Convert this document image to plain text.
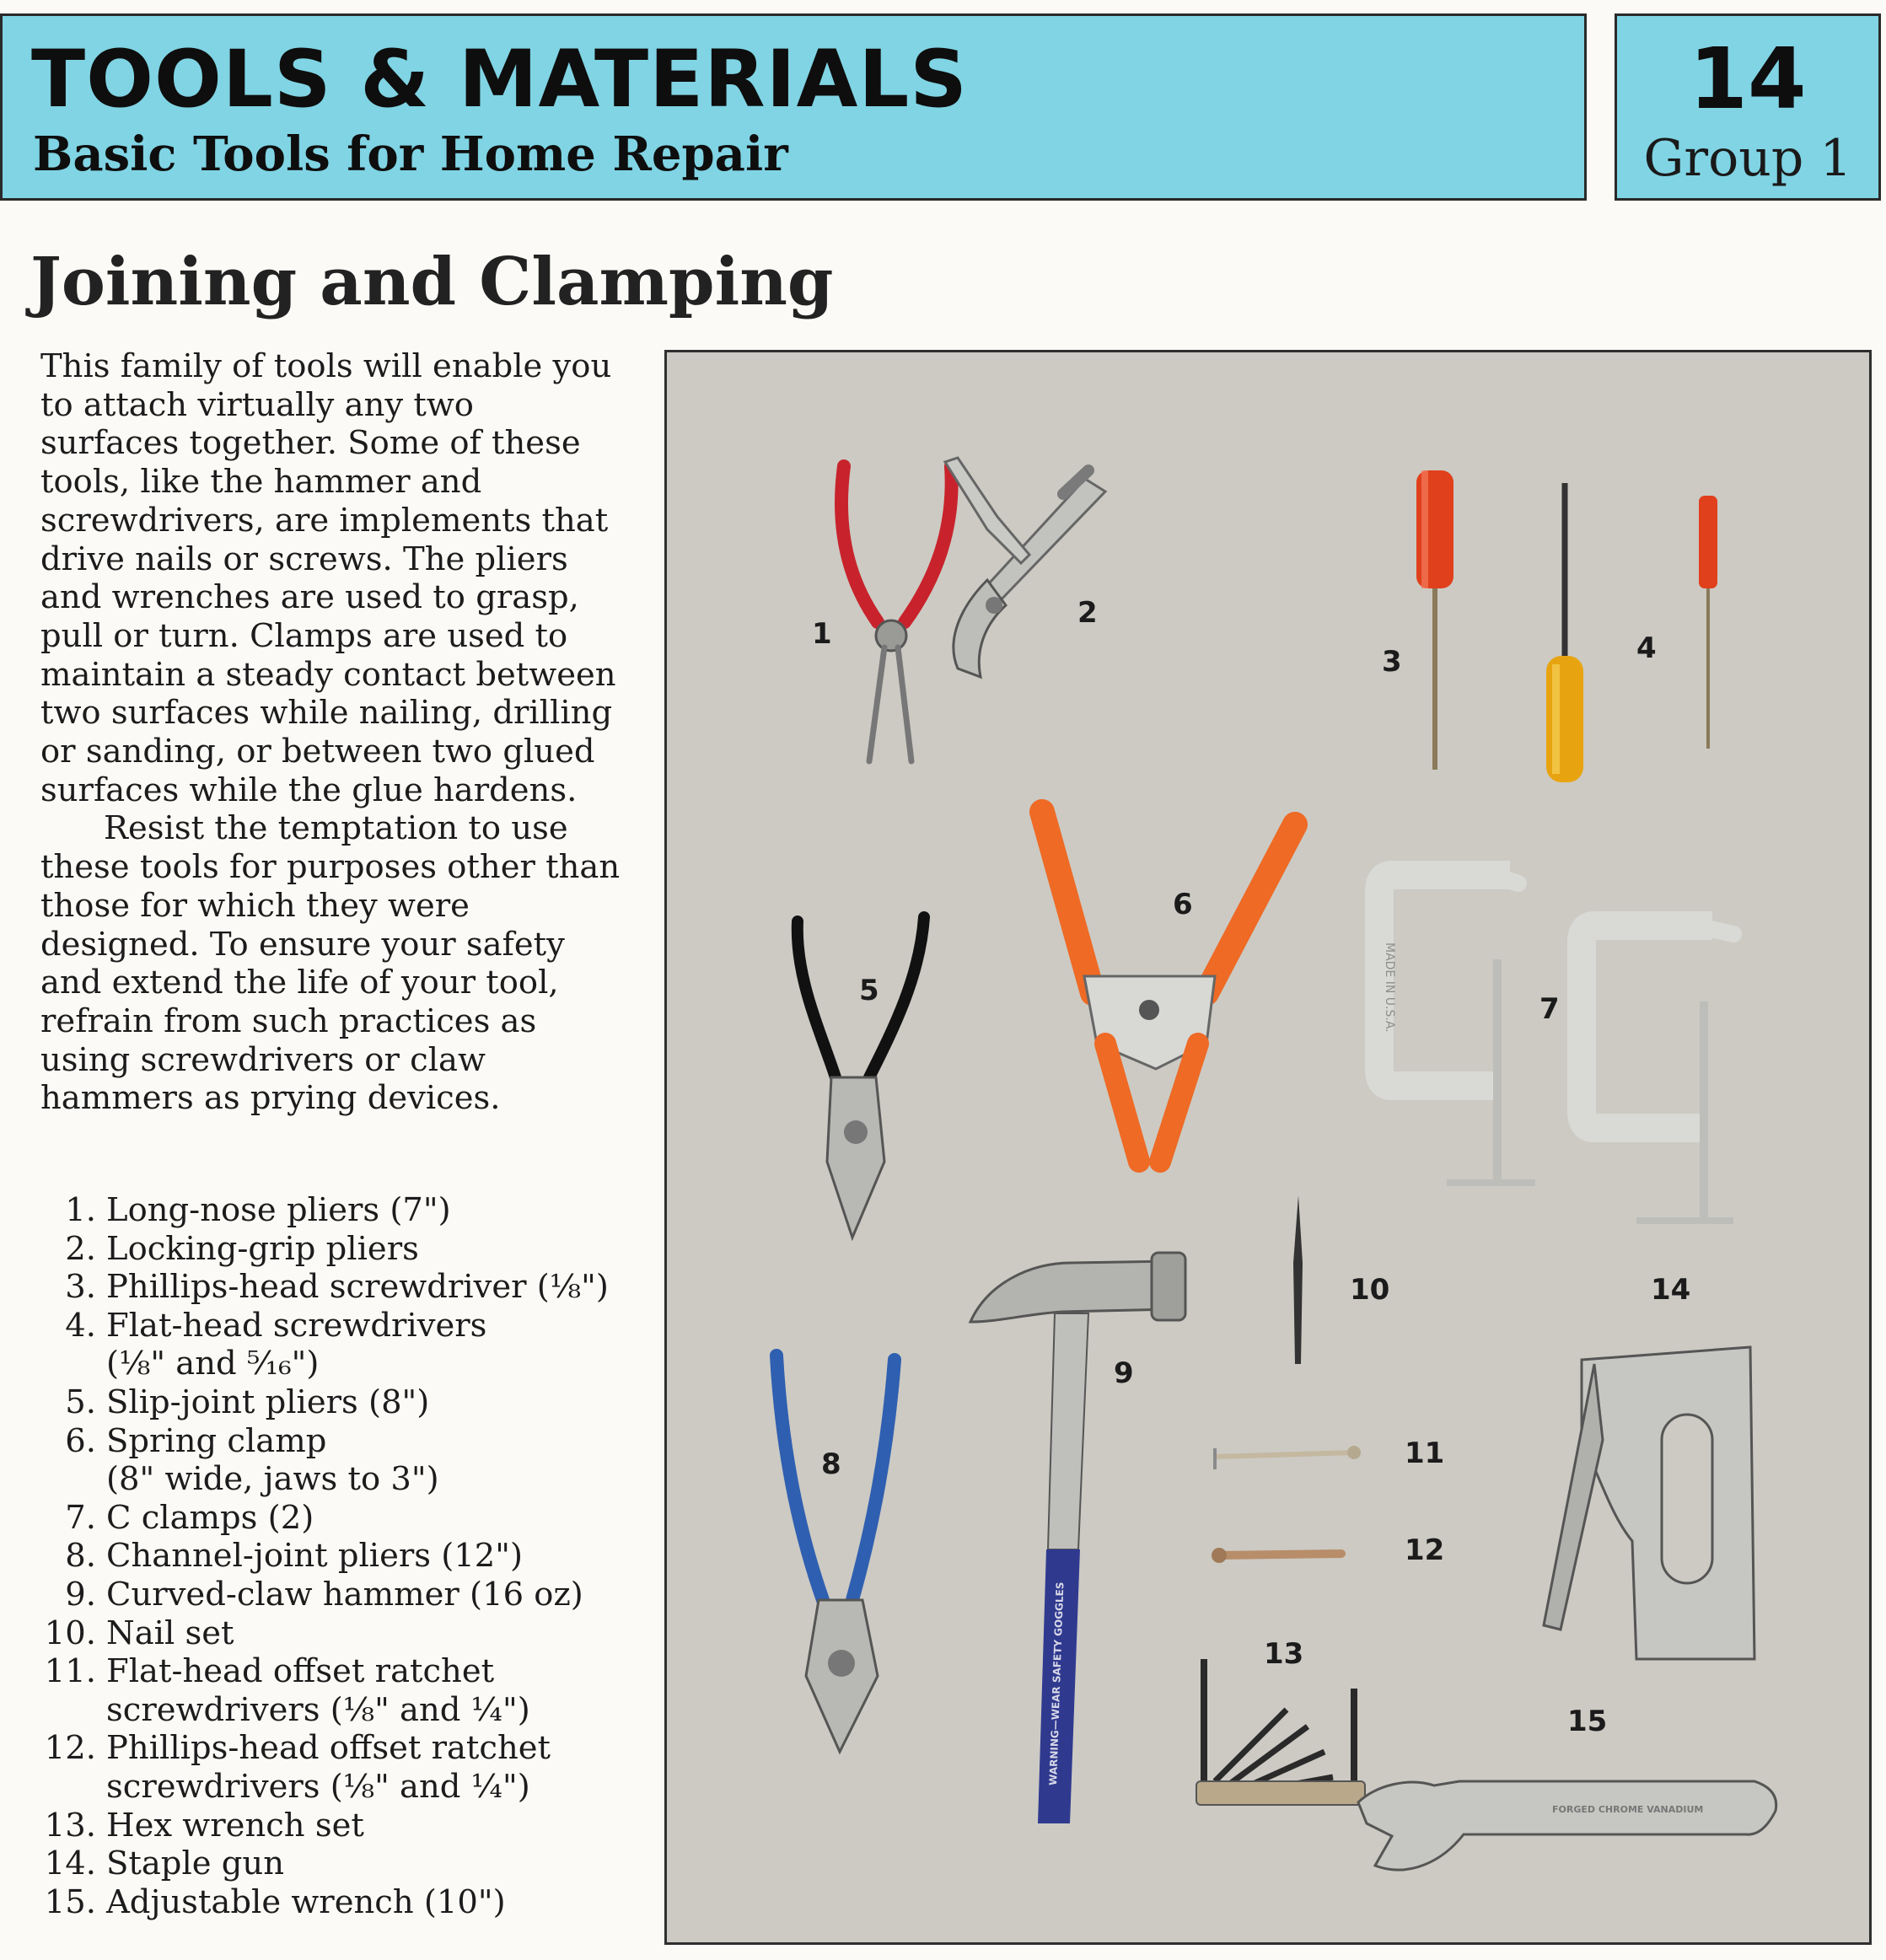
TOOLS & MATERIALS
Basic Tools for Home Repair
14
Group 1
Joining and Clamping

This family of tools will enable you to attach virtually any two surfaces together. Some of these tools, like the hammer and screwdrivers, are implements that drive nails or screws. The pliers and wrenches are used to grasp, pull or turn. Clamps are used to maintain a steady contact between two surfaces while nailing, drilling or sanding, or between two glued surfaces while the glue hardens.

Resist the temptation to use these tools for purposes other than those for which they were designed. To ensure your safety and extend the life of your tool, refrain from such practices as using screwdrivers or claw hammers as prying devices.

1. Long-nose pliers (7")
2. Locking-grip pliers
3. Phillips-head screwdriver (⅛")
4. Flat-head screwdrivers
(⅛" and ⁵⁄₁₆")
5. Slip-joint pliers (8")
6. Spring clamp
(8" wide, jaws to 3")
7. C clamps (2)
8. Channel-joint pliers (12")
9. Curved-claw hammer (16 oz)
10. Nail set
11. Flat-head offset ratchet
screwdrivers (⅛" and ¼")
12. Phillips-head offset ratchet
screwdrivers (⅛" and ¼")
13. Hex wrench set
14. Staple gun
15. Adjustable wrench (10")
1
2
3	4
5
6
7
MADE IN U.S.A.
8
WARNING—WEAR SAFETY GOGGLES
9
10
11
12
13
14
FORGED CHROME VANADIUM
15
